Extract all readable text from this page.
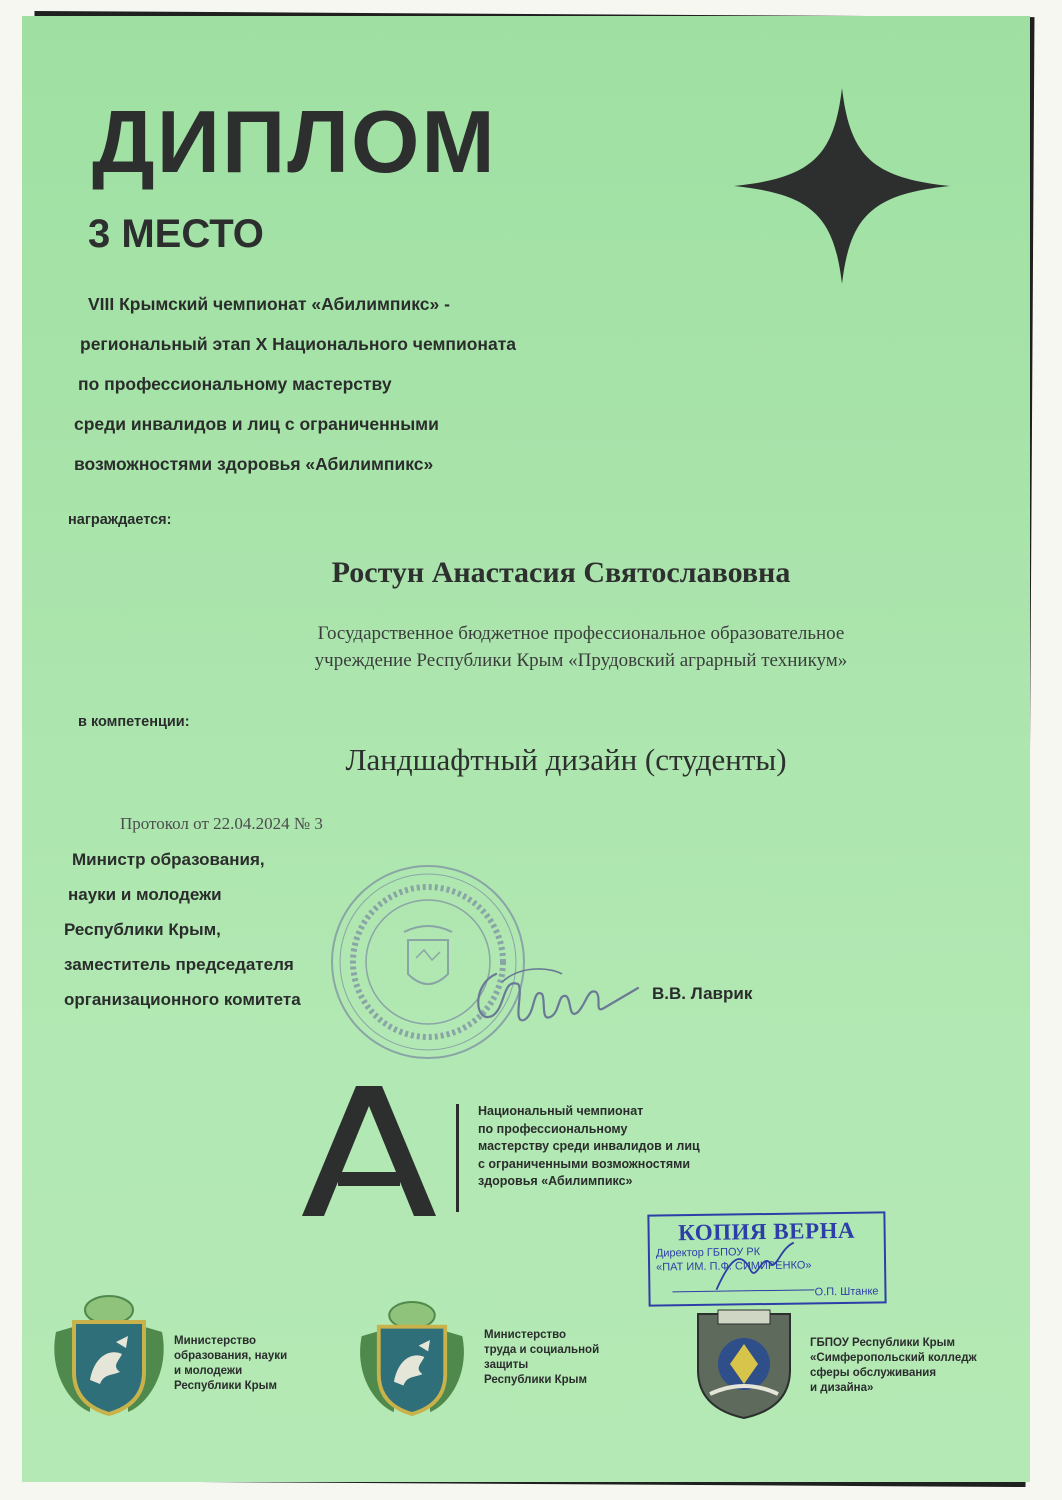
ДИПЛОМ
3 МЕСТО
VIII Крымский чемпионат «Абилимпикс» -
региональный этап X Национального чемпионата
по профессиональному мастерству
среди инвалидов и лиц с ограниченными
возможностями здоровья «Абилимпикс»
награждается:
Ростун Анастасия Святославовна
Государственное бюджетное профессиональное образовательное
учреждение Республики Крым «Прудовский аграрный техникум»
в компетенции:
Ландшафтный дизайн (студенты)
Протокол от 22.04.2024 № 3
Министр образования,
науки и молодежи
Республики Крым,
заместитель председателя
организационного комитета	В.В. Лаврик
Национальный чемпионат
по профессиональному
мастерству среди инвалидов и лиц
с ограниченными возможностями
здоровья «Абилимпикс»
КОПИЯ ВЕРНА
Директор ГБПОУ РК
«ПАТ ИМ. П.Ф. СИМИРЕНКО»
О.П. Штанке
Министерство
образования, науки
и молодежи
Республики Крым
Министерство
труда и социальной
защиты
Республики Крым
ГБПОУ Республики Крым
«Симферопольский колледж
сферы обслуживания
и дизайна»
